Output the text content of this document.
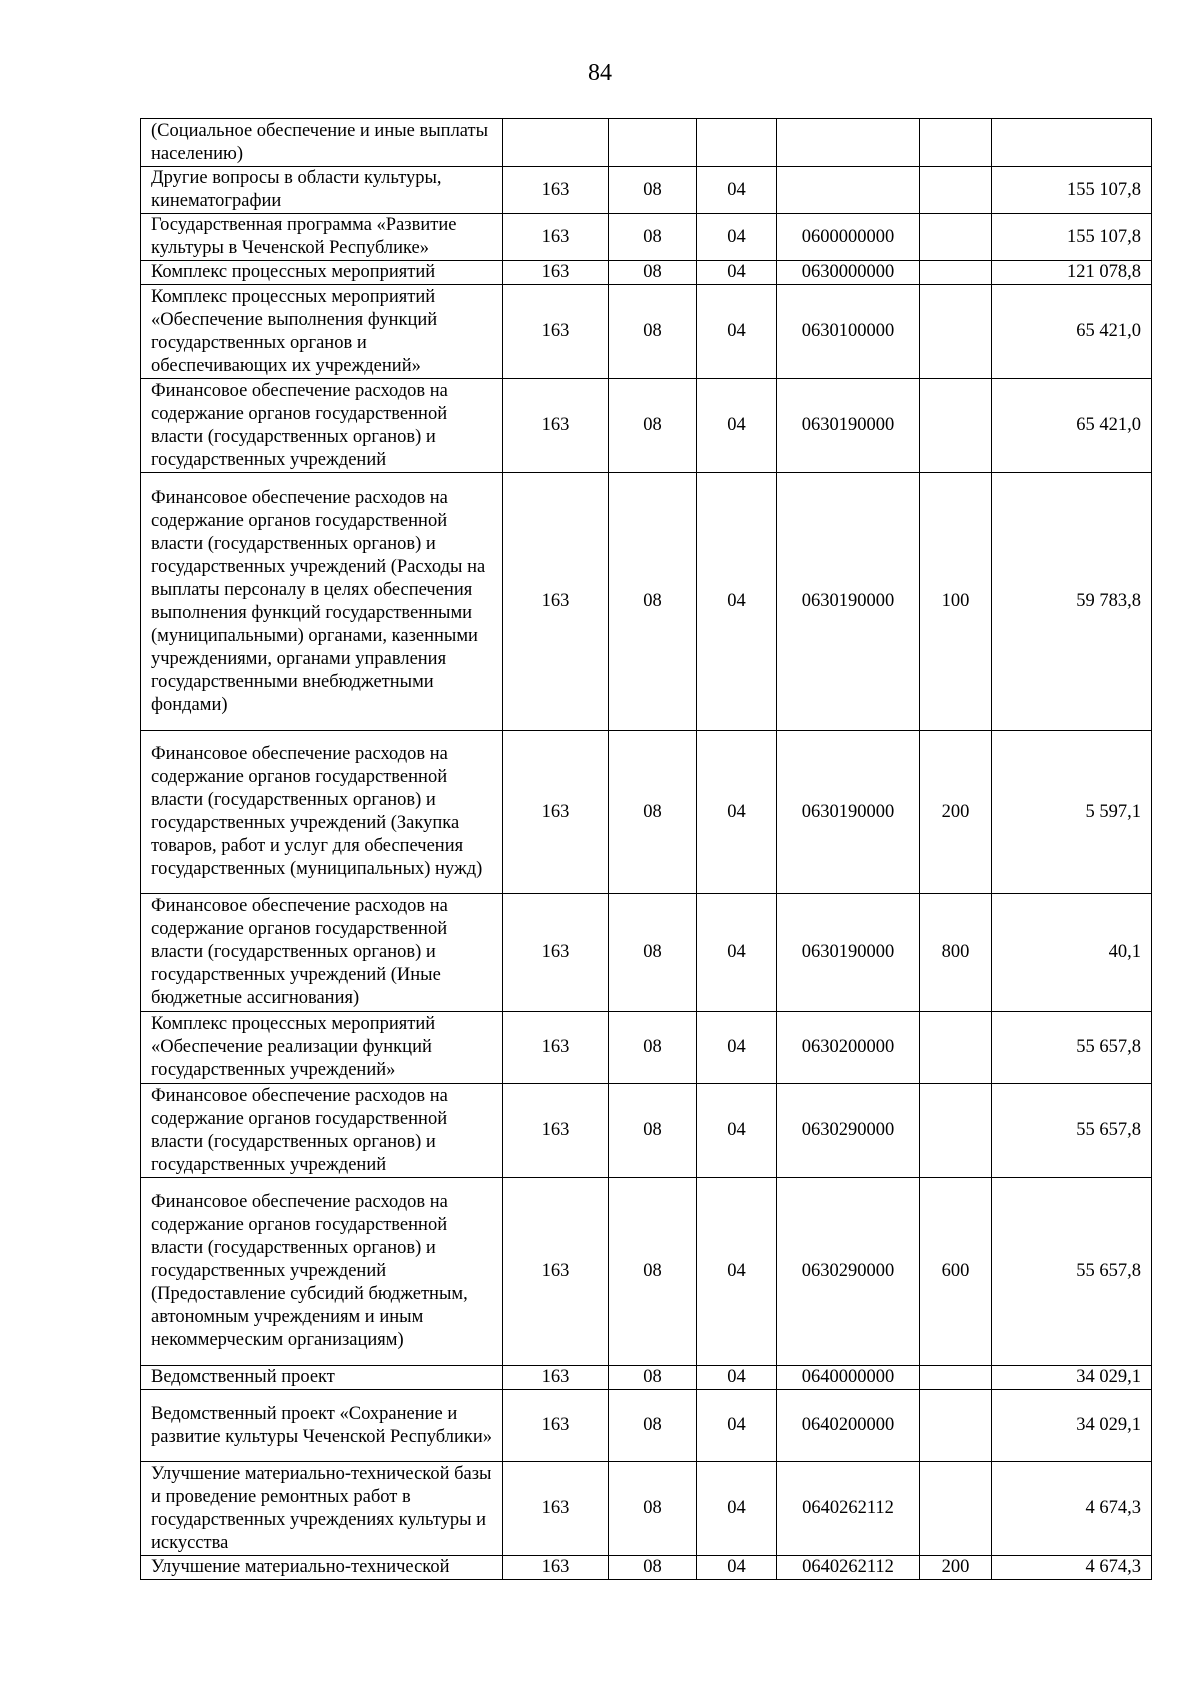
84
(Социальное обеспечение и иные выплаты населению)						
Другие вопросы в области культуры, кинематографии	163	08	04			155 107,8
Государственная программа «Развитие культуры в Чеченской Республике»	163	08	04	0600000000		155 107,8
Комплекс процессных мероприятий	163	08	04	0630000000		121 078,8
Комплекс процессных мероприятий «Обеспечение выполнения функций государственных органов и обеспечивающих их учреждений»	163	08	04	0630100000		65 421,0
Финансовое обеспечение расходов на содержание органов государственной власти (государственных органов) и государственных учреждений	163	08	04	0630190000		65 421,0
Финансовое обеспечение расходов на содержание органов государственной власти (государственных органов) и государственных учреждений (Расходы на выплаты персоналу в целях обеспечения выполнения функций государственными (муниципальными) органами, казенными учреждениями, органами управления государственными внебюджетными фондами)	163	08	04	0630190000	100	59 783,8
Финансовое обеспечение расходов на содержание органов государственной власти (государственных органов) и государственных учреждений (Закупка товаров, работ и услуг для обеспечения государственных (муниципальных) нужд)	163	08	04	0630190000	200	5 597,1
Финансовое обеспечение расходов на содержание органов государственной власти (государственных органов) и государственных учреждений (Иные бюджетные ассигнования)	163	08	04	0630190000	800	40,1
Комплекс процессных мероприятий «Обеспечение реализации функций государственных учреждений»	163	08	04	0630200000		55 657,8
Финансовое обеспечение расходов на содержание органов государственной власти (государственных органов) и государственных учреждений	163	08	04	0630290000		55 657,8
Финансовое обеспечение расходов на содержание органов государственной власти (государственных органов) и государственных учреждений (Предоставление субсидий бюджетным, автономным учреждениям и иным некоммерческим организациям)	163	08	04	0630290000	600	55 657,8
Ведомственный проект	163	08	04	0640000000		34 029,1
Ведомственный проект «Сохранение и развитие культуры Чеченской Республики»	163	08	04	0640200000		34 029,1
Улучшение материально-технической базы и проведение ремонтных работ в государственных учреждениях культуры и искусства	163	08	04	0640262112		4 674,3
Улучшение материально-технической	163	08	04	0640262112	200	4 674,3
